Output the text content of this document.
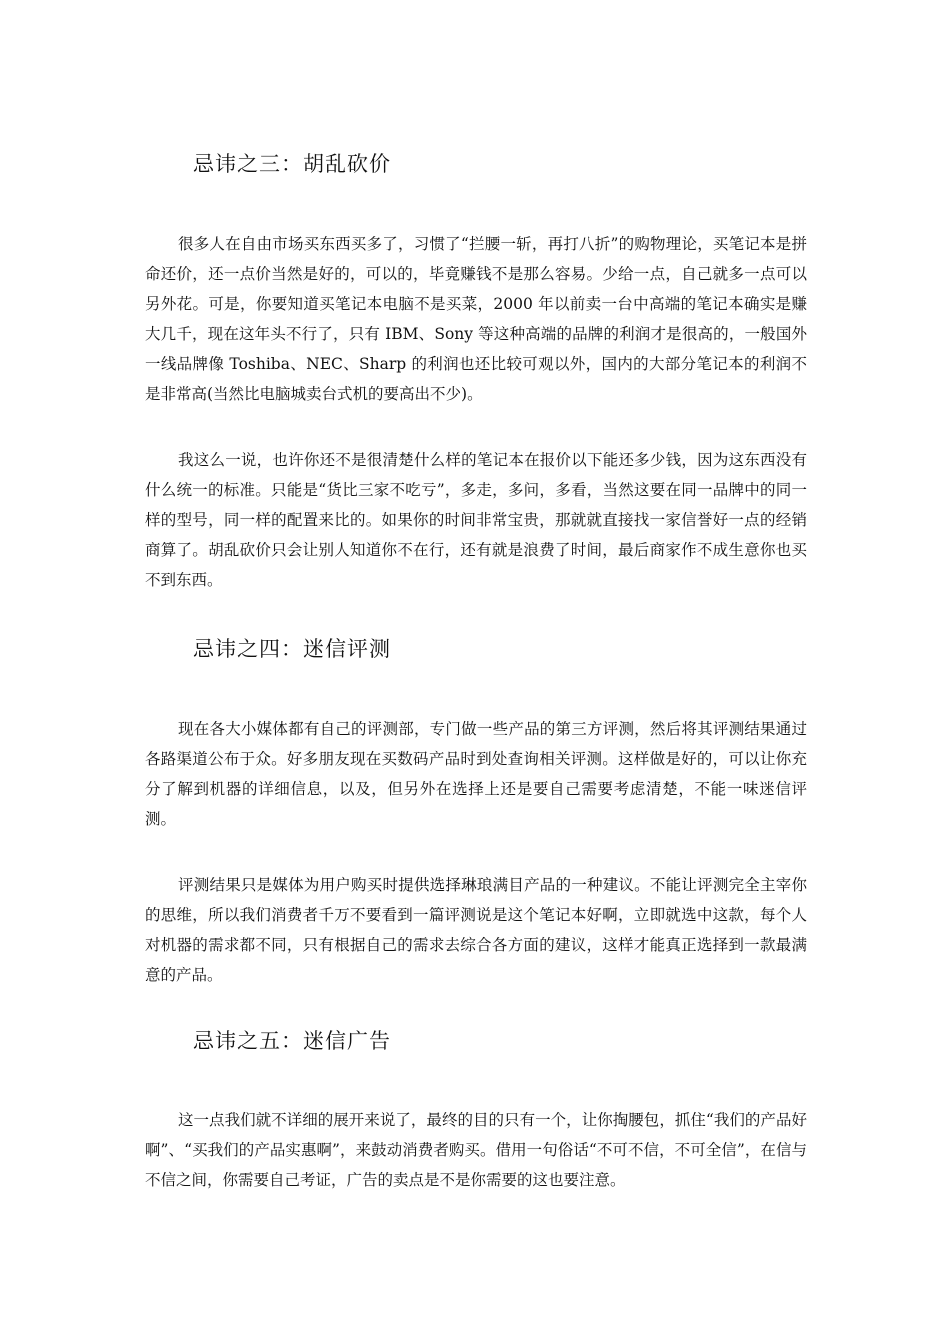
忌讳之三：胡乱砍价

很多人在自由市场买东西买多了，习惯了“拦腰一斩，再打八折”的购物理论，买笔记本是拼命还价，还一点价当然是好的，可以的，毕竟赚钱不是那么容易。少给一点，自己就多一点可以另外花。可是，你要知道买笔记本电脑不是买菜，2000 年以前卖一台中高端的笔记本确实是赚大几千，现在这年头不行了，只有 IBM、Sony 等这种高端的品牌的利润才是很高的，一般国外一线品牌像 Toshiba、NEC、Sharp 的利润也还比较可观以外，国内的大部分笔记本的利润不是非常高(当然比电脑城卖台式机的要高出不少)。

我这么一说，也许你还不是很清楚什么样的笔记本在报价以下能还多少钱，因为这东西没有什么统一的标准。只能是“货比三家不吃亏”，多走，多问，多看，当然这要在同一品牌中的同一样的型号，同一样的配置来比的。如果你的时间非常宝贵，那就就直接找一家信誉好一点的经销商算了。胡乱砍价只会让别人知道你不在行，还有就是浪费了时间，最后商家作不成生意你也买不到东西。

忌讳之四：迷信评测

现在各大小媒体都有自己的评测部，专门做一些产品的第三方评测，然后将其评测结果通过各路渠道公布于众。好多朋友现在买数码产品时到处查询相关评测。这样做是好的，可以让你充分了解到机器的详细信息，以及，但另外在选择上还是要自己需要考虑清楚，不能一味迷信评测。

评测结果只是媒体为用户购买时提供选择琳琅满目产品的一种建议。不能让评测完全主宰你的思维，所以我们消费者千万不要看到一篇评测说是这个笔记本好啊，立即就选中这款，每个人对机器的需求都不同，只有根据自己的需求去综合各方面的建议，这样才能真正选择到一款最满意的产品。

忌讳之五：迷信广告

这一点我们就不详细的展开来说了，最终的目的只有一个，让你掏腰包，抓住“我们的产品好啊”、“买我们的产品实惠啊”，来鼓动消费者购买。借用一句俗话“不可不信，不可全信”，在信与不信之间，你需要自己考证，广告的卖点是不是你需要的这也要注意。
